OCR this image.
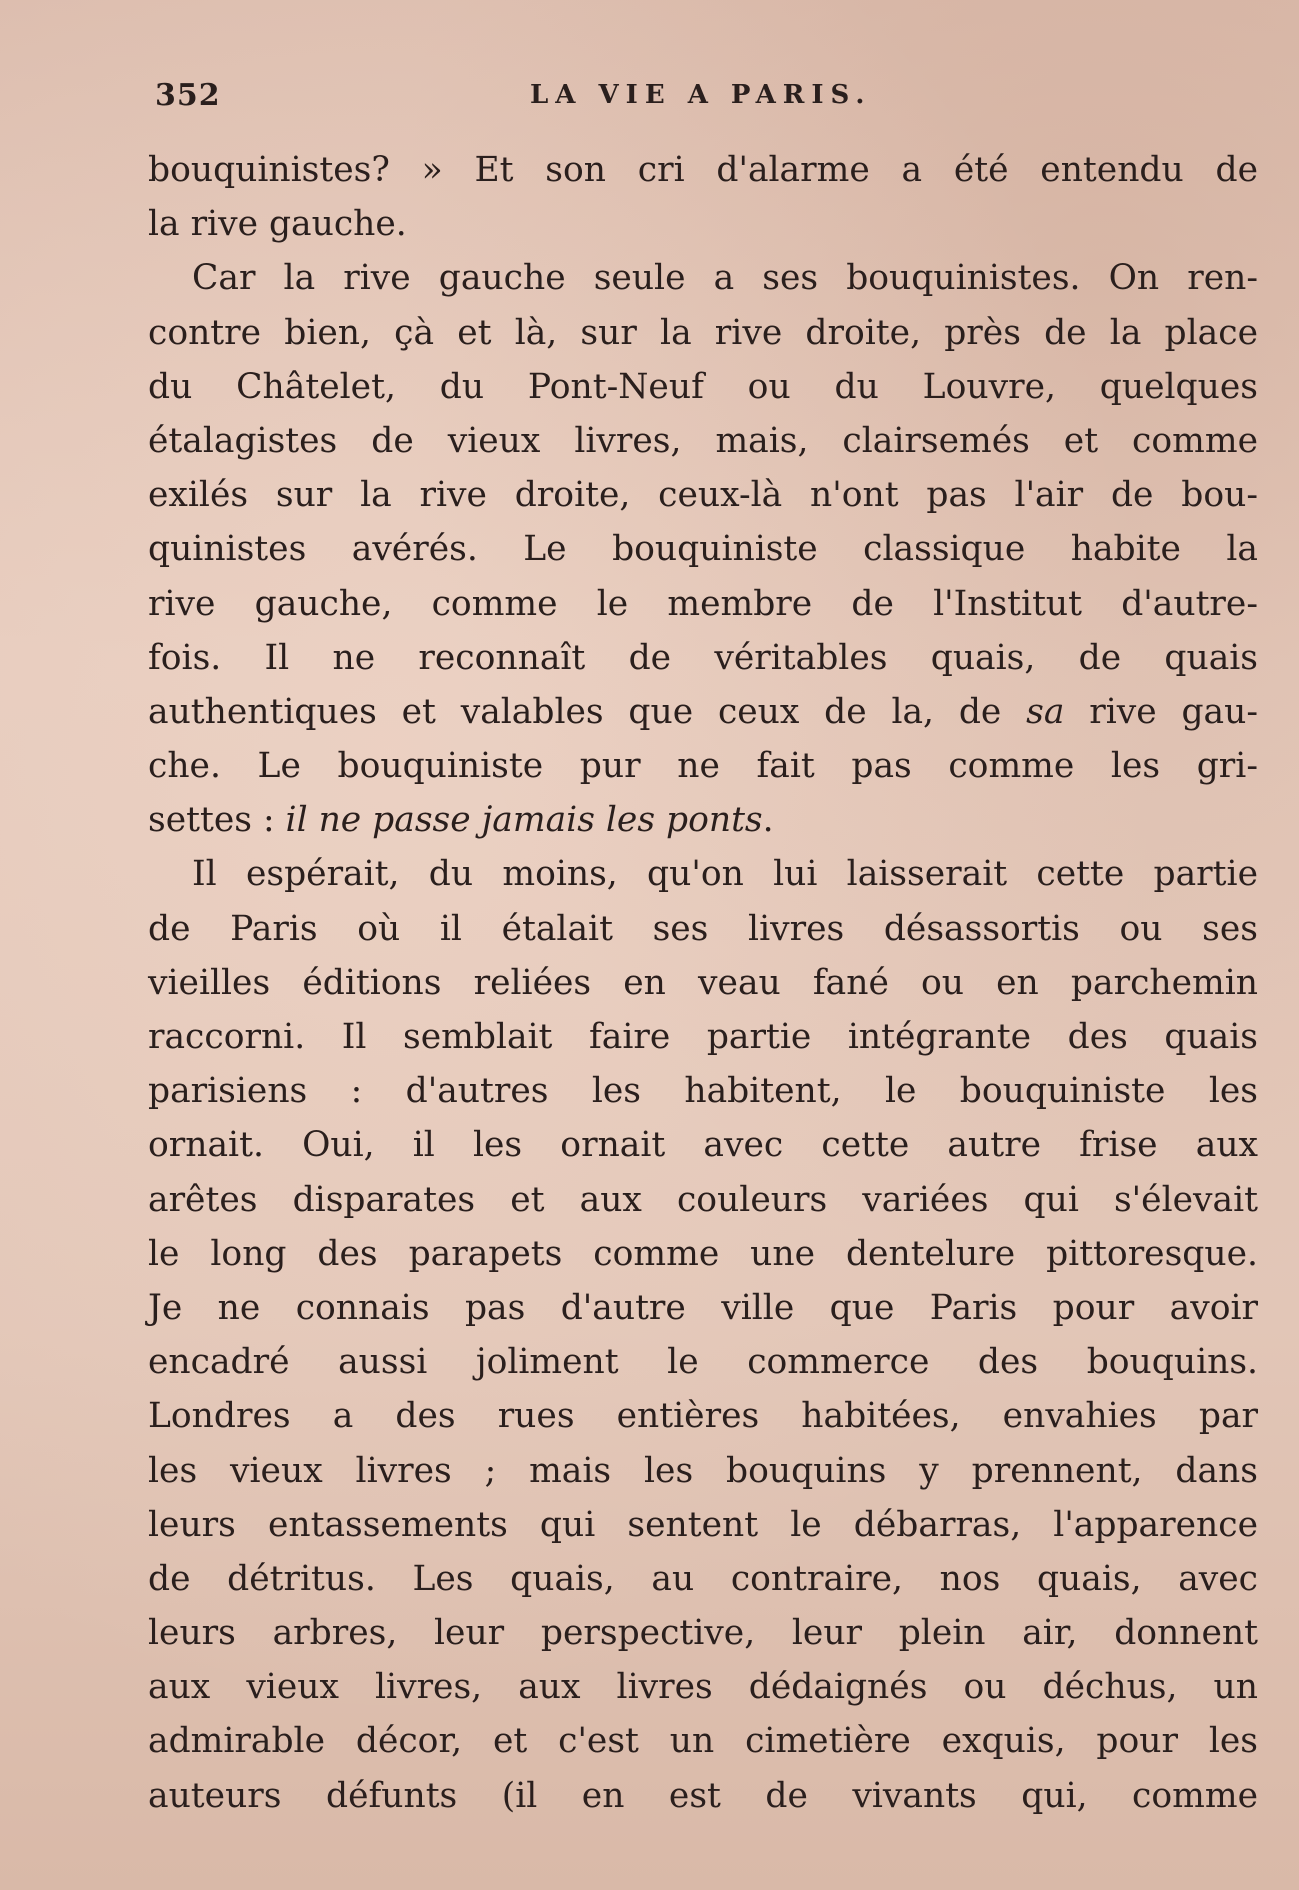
352	LA VIE A PARIS.
bouquinistes? » Et son cri d'alarme a été entendu de
la rive gauche.
Car la rive gauche seule a ses bouquinistes. On ren-
contre bien, çà et là, sur la rive droite, près de la place
du Châtelet, du Pont-Neuf ou du Louvre, quelques
étalagistes de vieux livres, mais, clairsemés et comme
exilés sur la rive droite, ceux-là n'ont pas l'air de bou-
quinistes avérés. Le bouquiniste classique habite la
rive gauche, comme le membre de l'Institut d'autre-
fois. Il ne reconnaît de véritables quais, de quais
authentiques et valables que ceux de la, de sa rive gau-
che. Le bouquiniste pur ne fait pas comme les gri-
settes : il ne passe jamais les ponts.
Il espérait, du moins, qu'on lui laisserait cette partie
de Paris où il étalait ses livres désassortis ou ses
vieilles éditions reliées en veau fané ou en parchemin
raccorni. Il semblait faire partie intégrante des quais
parisiens : d'autres les habitent, le bouquiniste les
ornait. Oui, il les ornait avec cette autre frise aux
arêtes disparates et aux couleurs variées qui s'élevait
le long des parapets comme une dentelure pittoresque.
Je ne connais pas d'autre ville que Paris pour avoir
encadré aussi joliment le commerce des bouquins.
Londres a des rues entières habitées, envahies par
les vieux livres ; mais les bouquins y prennent, dans
leurs entassements qui sentent le débarras, l'apparence
de détritus. Les quais, au contraire, nos quais, avec
leurs arbres, leur perspective, leur plein air, donnent
aux vieux livres, aux livres dédaignés ou déchus, un
admirable décor, et c'est un cimetière exquis, pour les
auteurs défunts (il en est de vivants qui, comme
